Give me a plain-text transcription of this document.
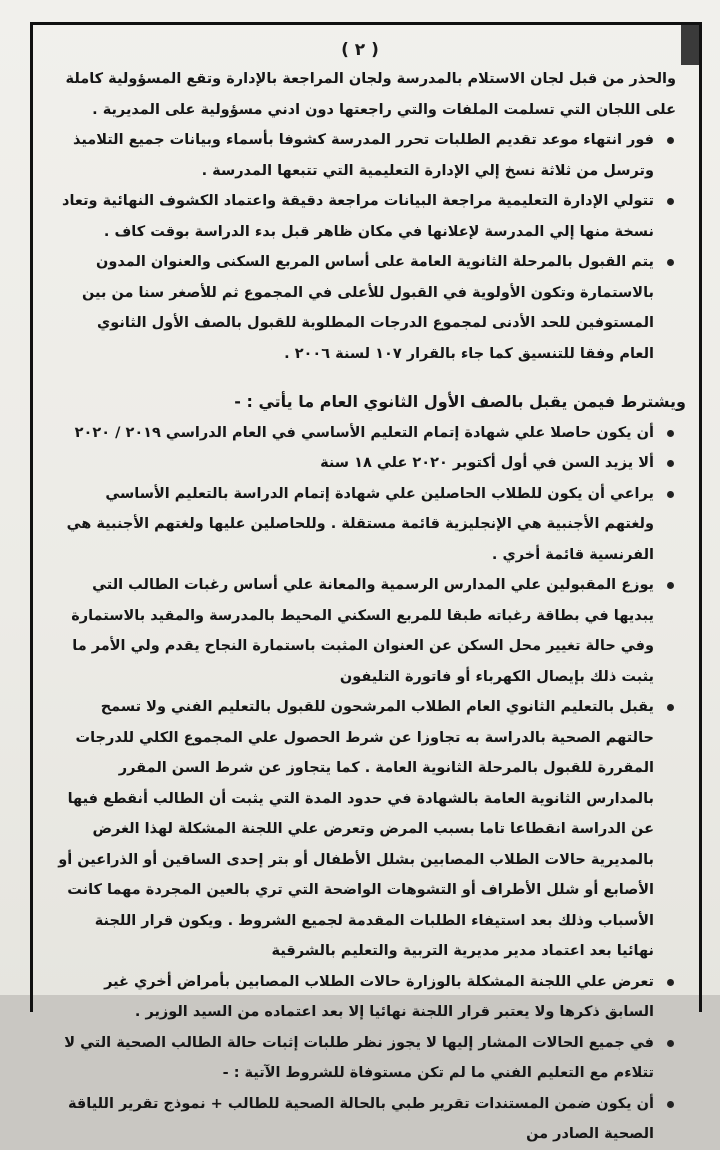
( ٢ )

والحذر من قبل لجان الاستلام بالمدرسة ولجان المراجعة بالإدارة وتقع المسؤولية كاملة على اللجان التي تسلمت الملفات والتي راجعتها دون ادني مسؤولية على المديرية .

فور انتهاء موعد تقديم الطلبات تحرر المدرسة كشوفا بأسماء وبيانات جميع التلاميذ وترسل من ثلاثة نسخ إلي الإدارة التعليمية التي تتبعها المدرسة .
تتولي الإدارة التعليمية مراجعة البيانات مراجعة دقيقة واعتماد الكشوف النهائية وتعاد نسخة منها إلي المدرسة لإعلانها في مكان ظاهر قبل بدء الدراسة بوقت كاف .
يتم القبول بالمرحلة الثانوية العامة على أساس المربع السكنى والعنوان المدون بالاستمارة وتكون الأولوية في القبول للأعلى في المجموع ثم للأصغر سنا من بين المستوفين للحد الأدنى لمجموع الدرجات المطلوبة للقبول بالصف الأول الثانوي العام وفقا للتنسيق كما جاء بالقرار ١٠٧ لسنة ٢٠٠٦ .

ويشترط فيمن يقبل بالصف الأول الثانوي العام ما يأتي : -

أن يكون حاصلا علي شهادة إتمام التعليم الأساسي في العام الدراسي ٢٠١٩ / ٢٠٢٠
ألا يزيد السن في أول أكتوبر ٢٠٢٠ علي ١٨ سنة
يراعي أن يكون للطلاب الحاصلين علي شهادة إتمام الدراسة بالتعليم الأساسي ولغتهم الأجنبية هي الإنجليزية قائمة مستقلة . وللحاصلين عليها ولغتهم الأجنبية هي الفرنسية قائمة أخري .
يوزع المقبولين علي المدارس الرسمية والمعانة علي أساس رغبات الطالب التي يبديها في بطاقة رغباته طبقا للمربع السكني المحيط بالمدرسة والمقيد بالاستمارة وفي حالة تغيير محل السكن عن العنوان المثبت باستمارة النجاح يقدم ولي الأمر ما يثبت ذلك بإيصال الكهرباء أو فاتورة التليفون
يقبل بالتعليم الثانوي العام الطلاب المرشحون للقبول بالتعليم الفني ولا تسمح حالتهم الصحية بالدراسة به تجاوزا عن شرط الحصول علي المجموع الكلي للدرجات المقررة للقبول بالمرحلة الثانوية العامة . كما يتجاوز عن شرط السن المقرر بالمدارس الثانوية العامة بالشهادة في حدود المدة التي يثبت أن الطالب أنقطع فيها عن الدراسة انقطاعا تاما بسبب المرض وتعرض علي اللجنة المشكلة لهذا الغرض بالمديرية حالات الطلاب المصابين بشلل الأطفال أو بتر إحدى الساقين أو الذراعين أو الأصابع أو شلل الأطراف أو التشوهات الواضحة التي تري بالعين المجردة مهما كانت الأسباب وذلك بعد استيفاء الطلبات المقدمة لجميع الشروط . ويكون قرار اللجنة نهائيا بعد اعتماد مدير مديرية التربية والتعليم بالشرقية
تعرض علي اللجنة المشكلة بالوزارة حالات الطلاب المصابين بأمراض أخري غير السابق ذكرها ولا يعتبر قرار اللجنة نهائيا إلا بعد اعتماده من السيد الوزير .
في جميع الحالات المشار إليها لا يجوز نظر طلبات إثبات حالة الطالب الصحية التي لا تتلاءم مع التعليم الفني ما لم تكن مستوفاة للشروط الآتية : -
أن يكون ضمن المستندات تقرير طبي بالحالة الصحية للطالب + نموذج تقرير اللياقة الصحية الصادر من
